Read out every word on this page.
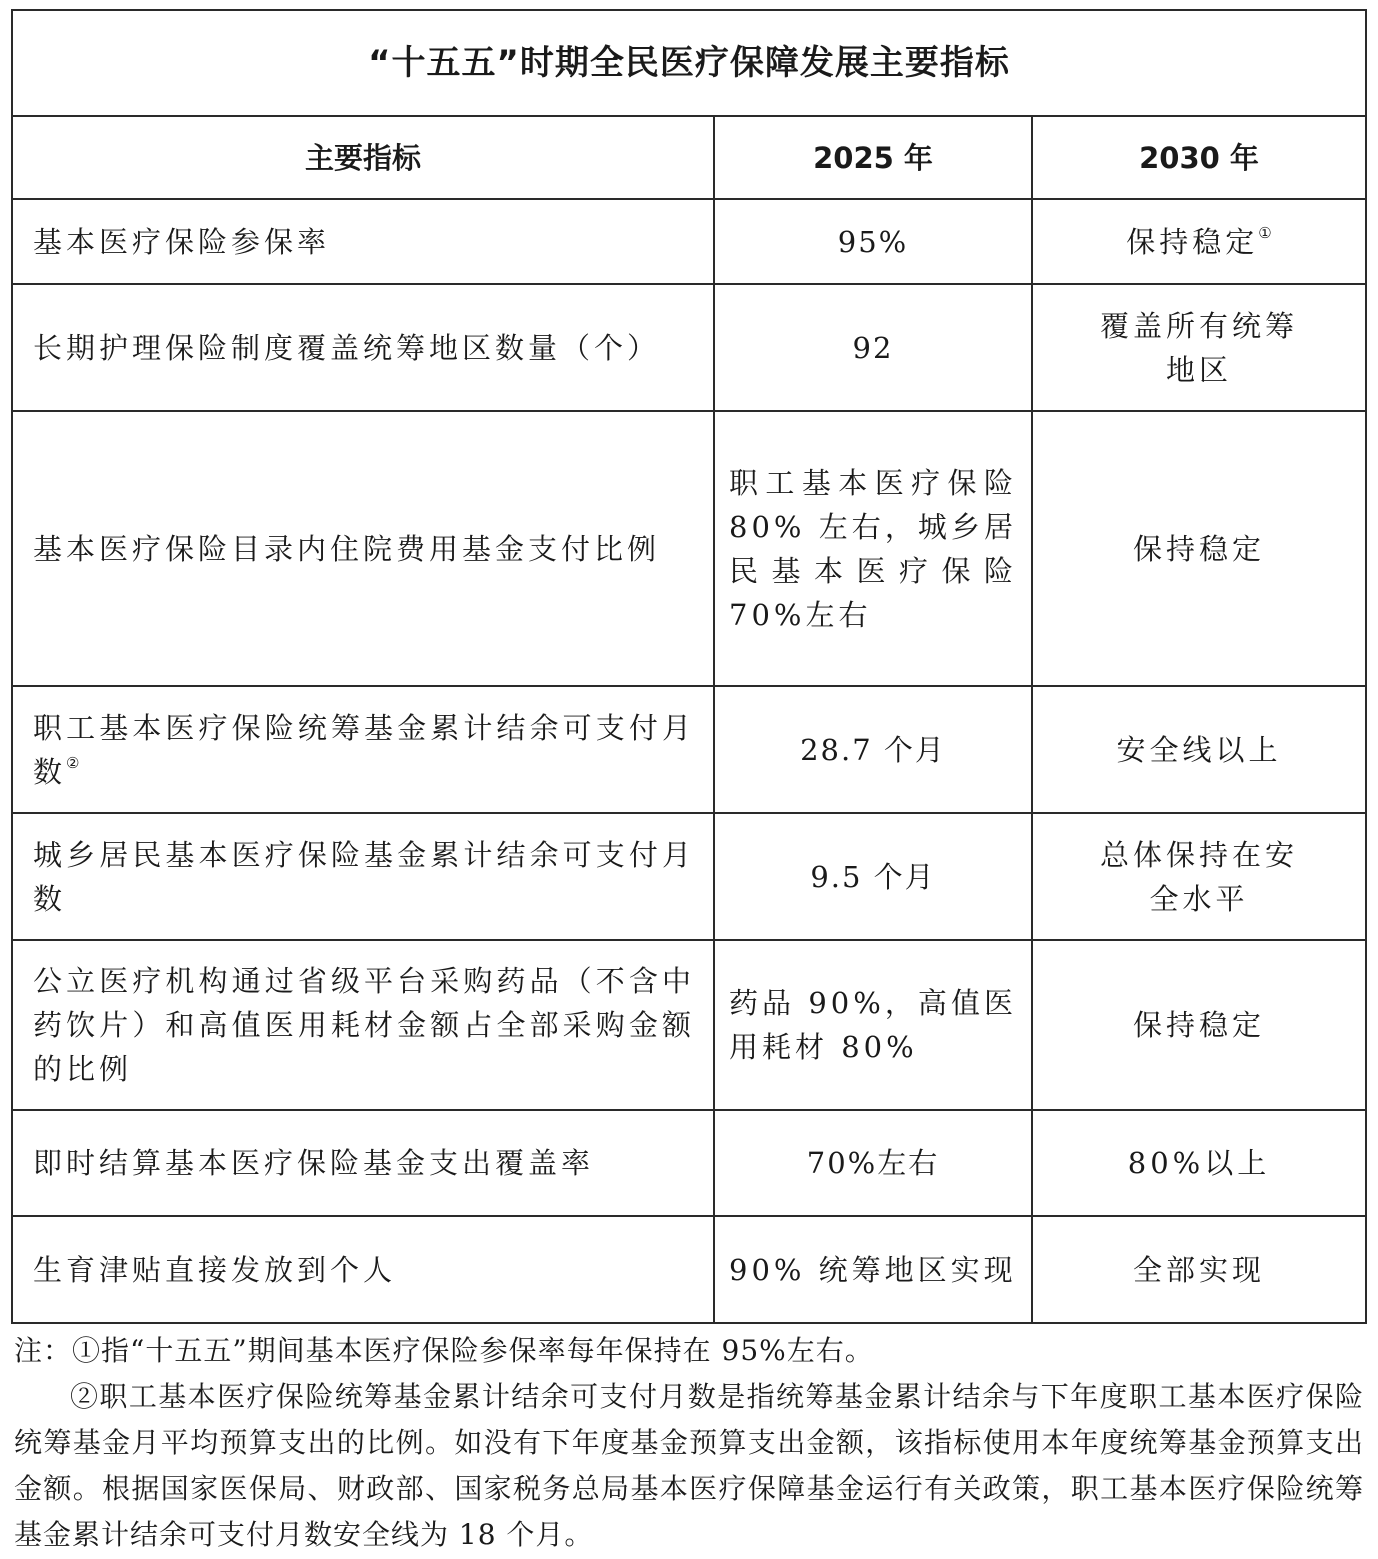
“十五五”时期全民医疗保障发展主要指标		
主要指标	2025 年	2030 年
基本医疗保险参保率	95%	保持稳定①
长期护理保险制度覆盖统筹地区数量（个）	92	覆盖所有统筹地区
基本医疗保险目录内住院费用基金支付比例	职工基本医疗保险 80% 左右，城乡居民基本医疗保险 70%左右	保持稳定
职工基本医疗保险统筹基金累计结余可支付月数②	28.7 个月	安全线以上
城乡居民基本医疗保险基金累计结余可支付月数	9.5 个月	总体保持在安全水平
公立医疗机构通过省级平台采购药品（不含中药饮片）和高值医用耗材金额占全部采购金额的比例	药品 90%，高值医用耗材 80%	保持稳定
即时结算基本医疗保险基金支出覆盖率	70%左右	80%以上
生育津贴直接发放到个人	90% 统筹地区实现	全部实现

注：①指“十五五”期间基本医疗保险参保率每年保持在 95%左右。

②职工基本医疗保险统筹基金累计结余可支付月数是指统筹基金累计结余与下年度职工基本医疗保险统筹基金月平均预算支出的比例。如没有下年度基金预算支出金额，该指标使用本年度统筹基金预算支出金额。根据国家医保局、财政部、国家税务总局基本医疗保障基金运行有关政策，职工基本医疗保险统筹基金累计结余可支付月数安全线为 18 个月。
